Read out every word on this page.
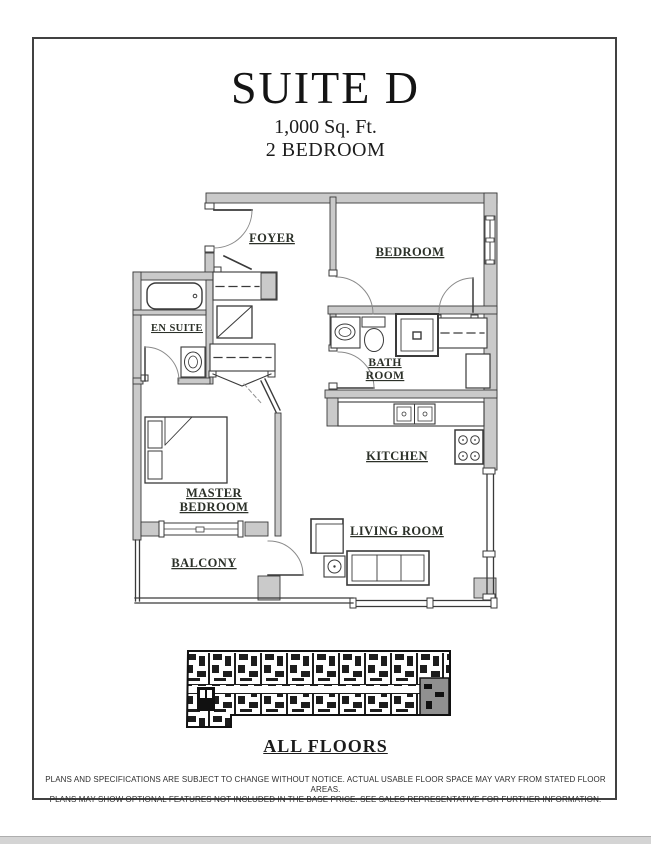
SUITE D
1,000 Sq. Ft.
2 BEDROOM
FOYER
BEDROOM
EN SUITE
BATH
ROOM
KITCHEN
MASTER
BEDROOM
LIVING ROOM
BALCONY
ALL FLOORS
PLANS AND SPECIFICATIONS ARE SUBJECT TO CHANGE WITHOUT NOTICE. ACTUAL USABLE FLOOR SPACE MAY VARY FROM STATED FLOOR AREAS.
PLANS MAY SHOW OPTIONAL FEATURES NOT INCLUDED IN THE BASE PRICE. SEE SALES REPRESENTATIVE FOR FURTHER INFORMATION.
